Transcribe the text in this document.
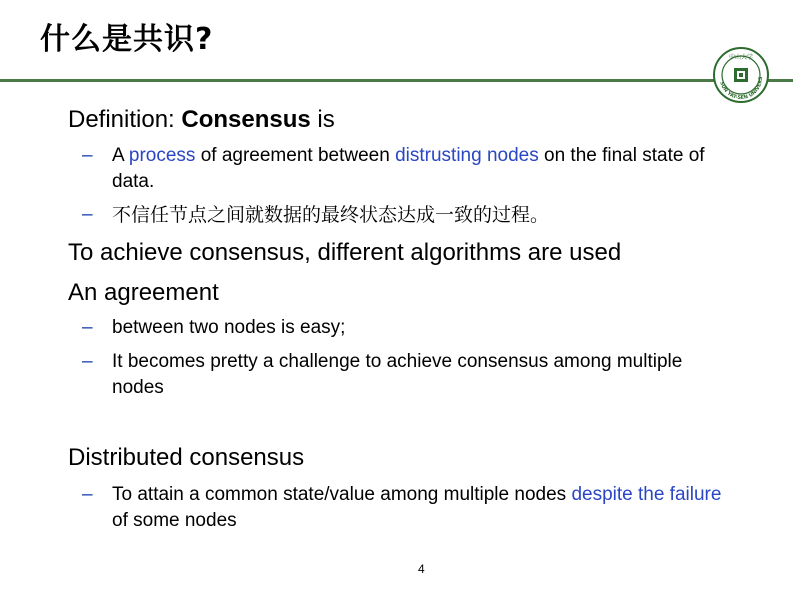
什么是共识?
SUN YAT-SEN UNIVERS
中山大学
Definition: Consensus is
– A process of agreement between distrusting nodes on the final state of data.
– 不信任节点之间就数据的最终状态达成一致的过程。
To achieve consensus, different algorithms are used
An agreement
– between two nodes is easy;
– It becomes pretty a challenge to achieve consensus among multiple nodes
Distributed consensus
– To attain a common state/value among multiple nodes despite the failure of some nodes
4
